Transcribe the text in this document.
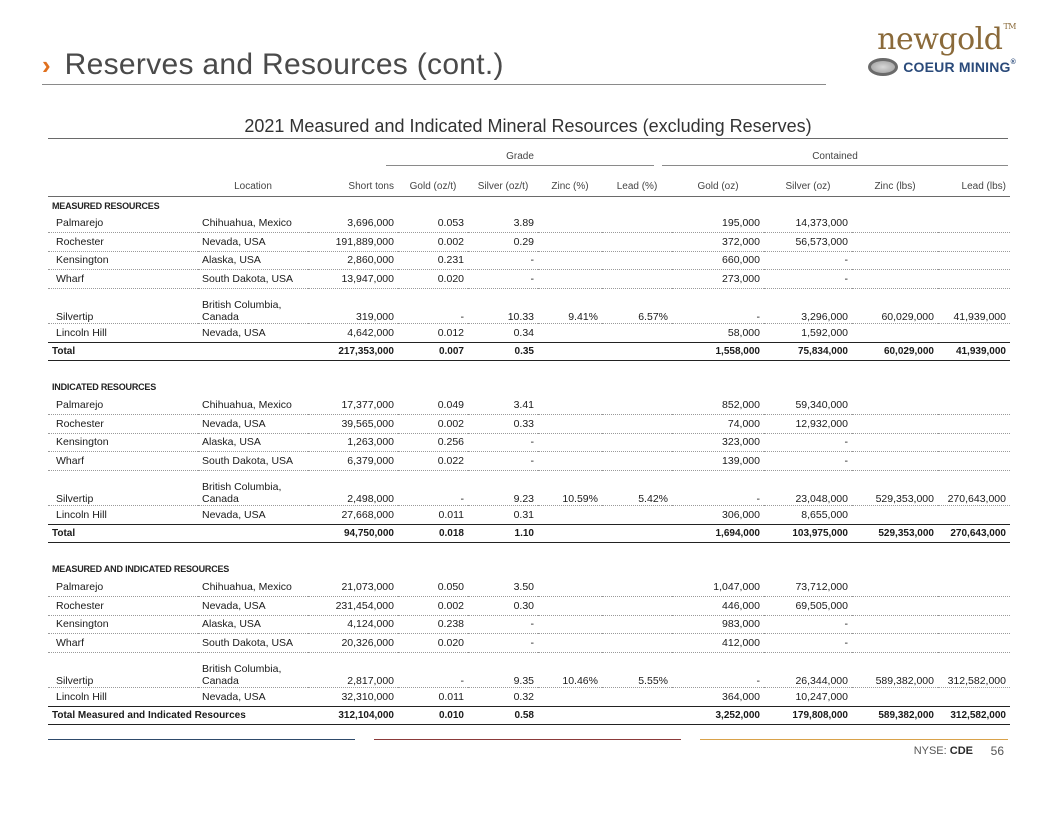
› Reserves and Resources (cont.)
newgold™
COEUR MINING®
2021 Measured and Indicated Mineral Resources (excluding Reserves)
Grade	Contained
	Location	Short tons	Gold (oz/t)	Silver (oz/t)	Zinc (%)	Lead (%)	Gold (oz)	Silver (oz)	Zinc (lbs)	Lead (lbs)
MEASURED RESOURCES										
Palmarejo	Chihuahua, Mexico	3,696,000	0.053	3.89			195,000	14,373,000		
Rochester	Nevada, USA	191,889,000	0.002	0.29			372,000	56,573,000		
Kensington	Alaska, USA	2,860,000	0.231	-			660,000	-		
Wharf	South Dakota, USA	13,947,000	0.020	-			273,000	-		
Silvertip	British Columbia, Canada	319,000	-	10.33	9.41%	6.57%	-	3,296,000	60,029,000	41,939,000
Lincoln Hill	Nevada, USA	4,642,000	0.012	0.34			58,000	1,592,000		
Total		217,353,000	0.007	0.35			1,558,000	75,834,000	60,029,000	41,939,000

INDICATED RESOURCES										
Palmarejo	Chihuahua, Mexico	17,377,000	0.049	3.41			852,000	59,340,000		
Rochester	Nevada, USA	39,565,000	0.002	0.33			74,000	12,932,000		
Kensington	Alaska, USA	1,263,000	0.256	-			323,000	-		
Wharf	South Dakota, USA	6,379,000	0.022	-			139,000	-		
Silvertip	British Columbia, Canada	2,498,000	-	9.23	10.59%	5.42%	-	23,048,000	529,353,000	270,643,000
Lincoln Hill	Nevada, USA	27,668,000	0.011	0.31			306,000	8,655,000		
Total		94,750,000	0.018	1.10			1,694,000	103,975,000	529,353,000	270,643,000

MEASURED AND INDICATED RESOURCES										
Palmarejo	Chihuahua, Mexico	21,073,000	0.050	3.50			1,047,000	73,712,000		
Rochester	Nevada, USA	231,454,000	0.002	0.30			446,000	69,505,000		
Kensington	Alaska, USA	4,124,000	0.238	-			983,000	-		
Wharf	South Dakota, USA	20,326,000	0.020	-			412,000	-		
Silvertip	British Columbia, Canada	2,817,000	-	9.35	10.46%	5.55%	-	26,344,000	589,382,000	312,582,000
Lincoln Hill	Nevada, USA	32,310,000	0.011	0.32			364,000	10,247,000		
Total Measured and Indicated Resources		312,104,000	0.010	0.58			3,252,000	179,808,000	589,382,000	312,582,000
NYSE: CDE 56
